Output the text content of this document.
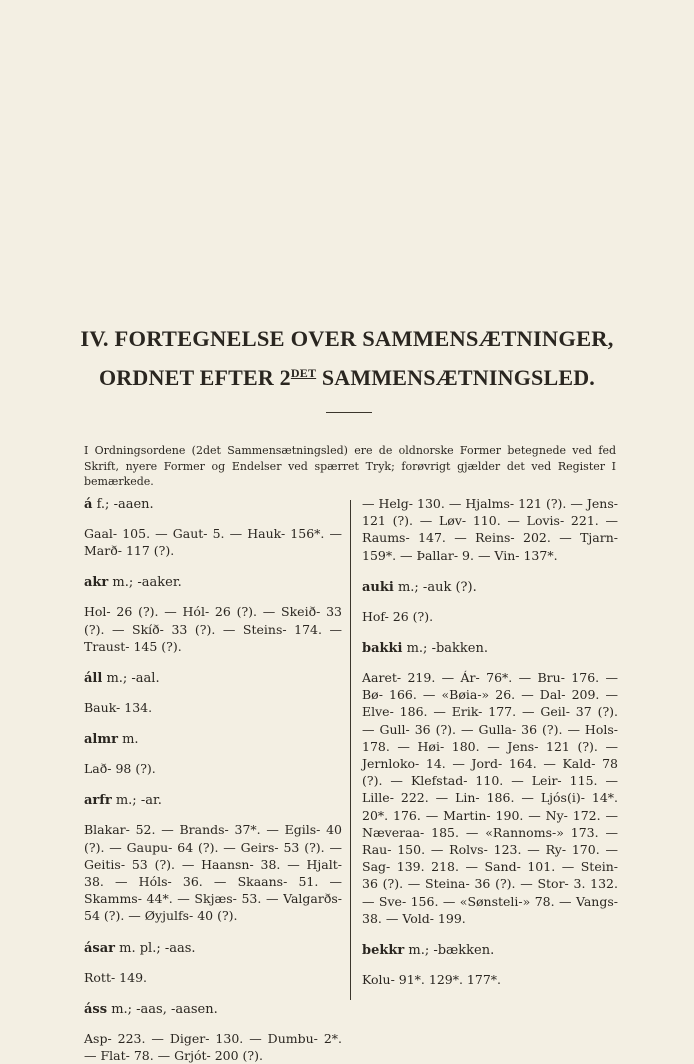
IV. FORTEGNELSE OVER SAMMENSÆTNINGER,
ORDNET EFTER $2^{DET}$ SAMMENSÆTNINGSLED.

I Ordningsordene (2det Sammensætningsled) ere de oldnorske Former betegnede ved fed Skrift, nyere Former og Endelser ved spærret Tryk; forøvrigt gjælder det ved Register I bemærkede.

á f.; -aaen.

Gaal- 105. — Gaut- 5. — Hauk- 156*. — Marð- 117 (?).

akr m.; -aaker.

Hol- 26 (?). — Hól- 26 (?). — Skeið- 33 (?). — Skíð- 33 (?). — Steins- 174. — Traust- 145 (?).

áll m.; -aal.

Bauk- 134.

almr m.

Lað- 98 (?).

arfr m.; -ar.

Blakar- 52. — Brands- 37*. — Egils- 40 (?). — Gaupu- 64 (?). — Geirs- 53 (?). — Geitis- 53 (?). — Haansn- 38. — Hjalt- 38. — Hóls- 36. — Skaans- 51. — Skamms- 44*. — Skjæs- 53. — Valgarðs- 54 (?). — Øyjulfs- 40 (?).

ásar m. pl.; -aas.

Rott- 149.

áss m.; -aas, -aasen.

Asp- 223. — Diger- 130. — Dumbu- 2*. — Flat- 78. — Grjót- 200 (?).

— Helg- 130. — Hjalms- 121 (?). — Jens- 121 (?). — Løv- 110. — Lovis- 221. — Raums- 147. — Reins- 202. — Tjarn- 159*. — Þallar- 9. — Vin- 137*.

auki m.; -auk (?).

Hof- 26 (?).

bakki m.; -bakken.

Aaret- 219. — Ár- 76*. — Bru- 176. — Bø- 166. — «Bøia-» 26. — Dal- 209. — Elve- 186. — Erik- 177. — Geil- 37 (?). — Gull- 36 (?). — Gulla- 36 (?). — Hols- 178. — Høi- 180. — Jens- 121 (?). — Jernloko- 14. — Jord- 164. — Kald- 78 (?). — Klefstad- 110. — Leir- 115. — Lille- 222. — Lin- 186. — Ljós(i)- 14*. 20*. 176. — Martin- 190. — Ny- 172. — Næveraa- 185. — «Rannoms-» 173. — Rau- 150. — Rolvs- 123. — Ry- 170. — Sag- 139. 218. — Sand- 101. — Stein- 36 (?). — Steina- 36 (?). — Stor- 3. 132. — Sve- 156. — «Sønsteli-» 78. — Vangs- 38. — Vold- 199.

bekkr m.; -bækken.

Kolu- 91*. 129*. 177*.
